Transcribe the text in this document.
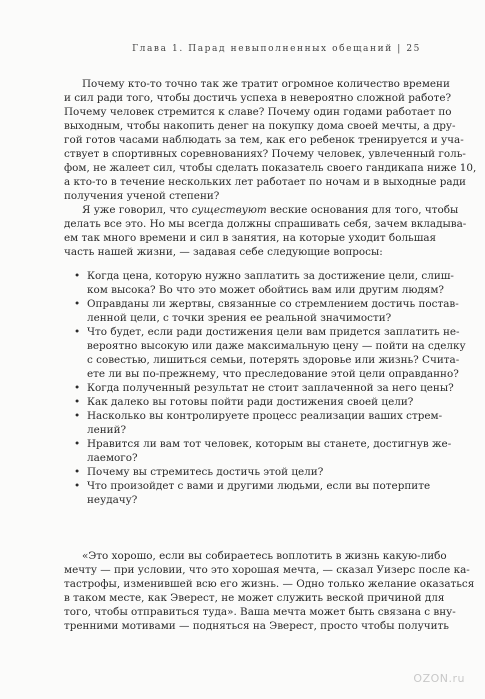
Глава 1. Парад невыполненных обещаний | 25
Почему кто-то точно так же тратит огромное количество времени
и сил ради того, чтобы достичь успеха в невероятно сложной работе?
Почему человек стремится к славе? Почему один годами работает по
выходным, чтобы накопить денег на покупку дома своей мечты, а дру-
гой готов часами наблюдать за тем, как его ребенок тренируется и уча-
ствует в спортивных соревнованиях? Почему человек, увлеченный голь-
фом, не жалеет сил, чтобы сделать показатель своего гандикапа ниже 10,
а кто-то в течение нескольких лет работает по ночам и в выходные ради
получения ученой степени?
Я уже говорил, что существуют веские основания для того, чтобы
делать все это. Но мы всегда должны спрашивать себя, зачем вкладыва-
ем так много времени и сил в занятия, на которые уходит большая
часть нашей жизни, — задавая себе следующие вопросы:
• Когда цена, которую нужно заплатить за достижение цели, слиш-
ком высока? Во что это может обойтись вам или другим людям?
• Оправданы ли жертвы, связанные со стремлением достичь постав-
ленной цели, с точки зрения ее реальной значимости?
• Что будет, если ради достижения цели вам придется заплатить не-
вероятно высокую или даже максимальную цену — пойти на сделку
с совестью, лишиться семьи, потерять здоровье или жизнь? Счита-
ете ли вы по-прежнему, что преследование этой цели оправданно?
• Когда полученный результат не стоит заплаченной за него цены?
• Как далеко вы готовы пойти ради достижения своей цели?
• Насколько вы контролируете процесс реализации ваших стрем-
лений?
• Нравится ли вам тот человек, которым вы станете, достигнув же-
лаемого?
• Почему вы стремитесь достичь этой цели?
• Что произойдет с вами и другими людьми, если вы потерпите
неудачу?
«Это хорошо, если вы собираетесь воплотить в жизнь какую-либо
мечту — при условии, что это хорошая мечта, — сказал Уизерс после ка-
тастрофы, изменившей всю его жизнь. — Одно только желание оказаться
в таком месте, как Эверест, не может служить веской причиной для
того, чтобы отправиться туда». Ваша мечта может быть связана с вну-
тренними мотивами — подняться на Эверест, просто чтобы получить
OZON.ru
